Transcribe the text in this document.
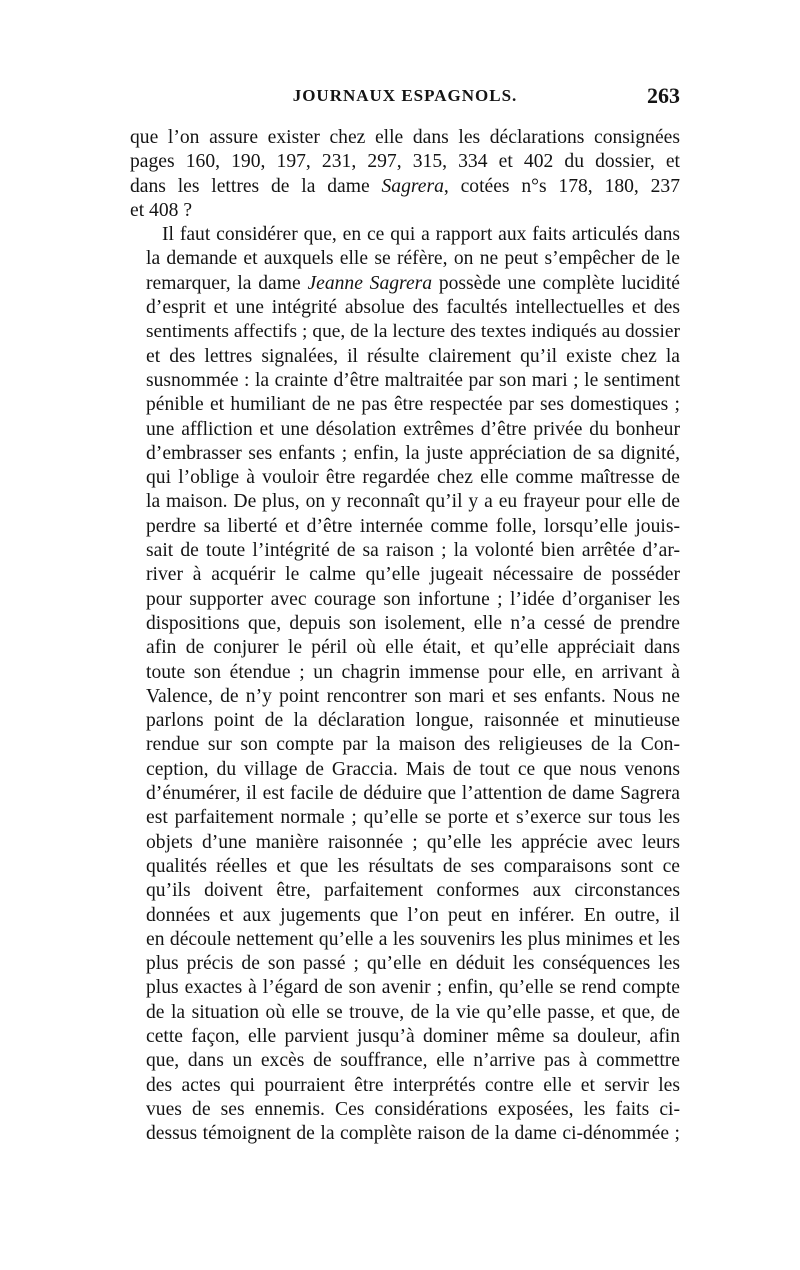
JOURNAUX ESPAGNOLS.	263
que l’on assure exister chez elle dans les déclarations consignées
pages 160, 190, 197, 231, 297, 315, 334 et 402 du dossier, et
dans les lettres de la dame Sagrera, cotées n°s 178, 180, 237
et 408 ?
Il faut considérer que, en ce qui a rapport aux faits articulés dans
la demande et auxquels elle se réfère, on ne peut s’empêcher de le
remarquer, la dame Jeanne Sagrera possède une complète lucidité
d’esprit et une intégrité absolue des facultés intellectuelles et des
sentiments affectifs ; que, de la lecture des textes indiqués au dossier
et des lettres signalées, il résulte clairement qu’il existe chez la
susnommée : la crainte d’être maltraitée par son mari ; le sentiment
pénible et humiliant de ne pas être respectée par ses domestiques ;
une affliction et une désolation extrêmes d’être privée du bonheur
d’embrasser ses enfants ; enfin, la juste appréciation de sa dignité,
qui l’oblige à vouloir être regardée chez elle comme maîtresse de
la maison. De plus, on y reconnaît qu’il y a eu frayeur pour elle de
perdre sa liberté et d’être internée comme folle, lorsqu’elle jouis-
sait de toute l’intégrité de sa raison ; la volonté bien arrêtée d’ar-
river à acquérir le calme qu’elle jugeait nécessaire de posséder
pour supporter avec courage son infortune ; l’idée d’organiser les
dispositions que, depuis son isolement, elle n’a cessé de prendre
afin de conjurer le péril où elle était, et qu’elle appréciait dans
toute son étendue ; un chagrin immense pour elle, en arrivant à
Valence, de n’y point rencontrer son mari et ses enfants. Nous ne
parlons point de la déclaration longue, raisonnée et minutieuse
rendue sur son compte par la maison des religieuses de la Con-
ception, du village de Graccia. Mais de tout ce que nous venons
d’énumérer, il est facile de déduire que l’attention de dame Sagrera
est parfaitement normale ; qu’elle se porte et s’exerce sur tous les
objets d’une manière raisonnée ; qu’elle les apprécie avec leurs
qualités réelles et que les résultats de ses comparaisons sont ce
qu’ils doivent être, parfaitement conformes aux circonstances
données et aux jugements que l’on peut en inférer. En outre, il
en découle nettement qu’elle a les souvenirs les plus minimes et les
plus précis de son passé ; qu’elle en déduit les conséquences les
plus exactes à l’égard de son avenir ; enfin, qu’elle se rend compte
de la situation où elle se trouve, de la vie qu’elle passe, et que, de
cette façon, elle parvient jusqu’à dominer même sa douleur, afin
que, dans un excès de souffrance, elle n’arrive pas à commettre
des actes qui pourraient être interprétés contre elle et servir les
vues de ses ennemis. Ces considérations exposées, les faits ci-
dessus témoignent de la complète raison de la dame ci-dénommée ;
